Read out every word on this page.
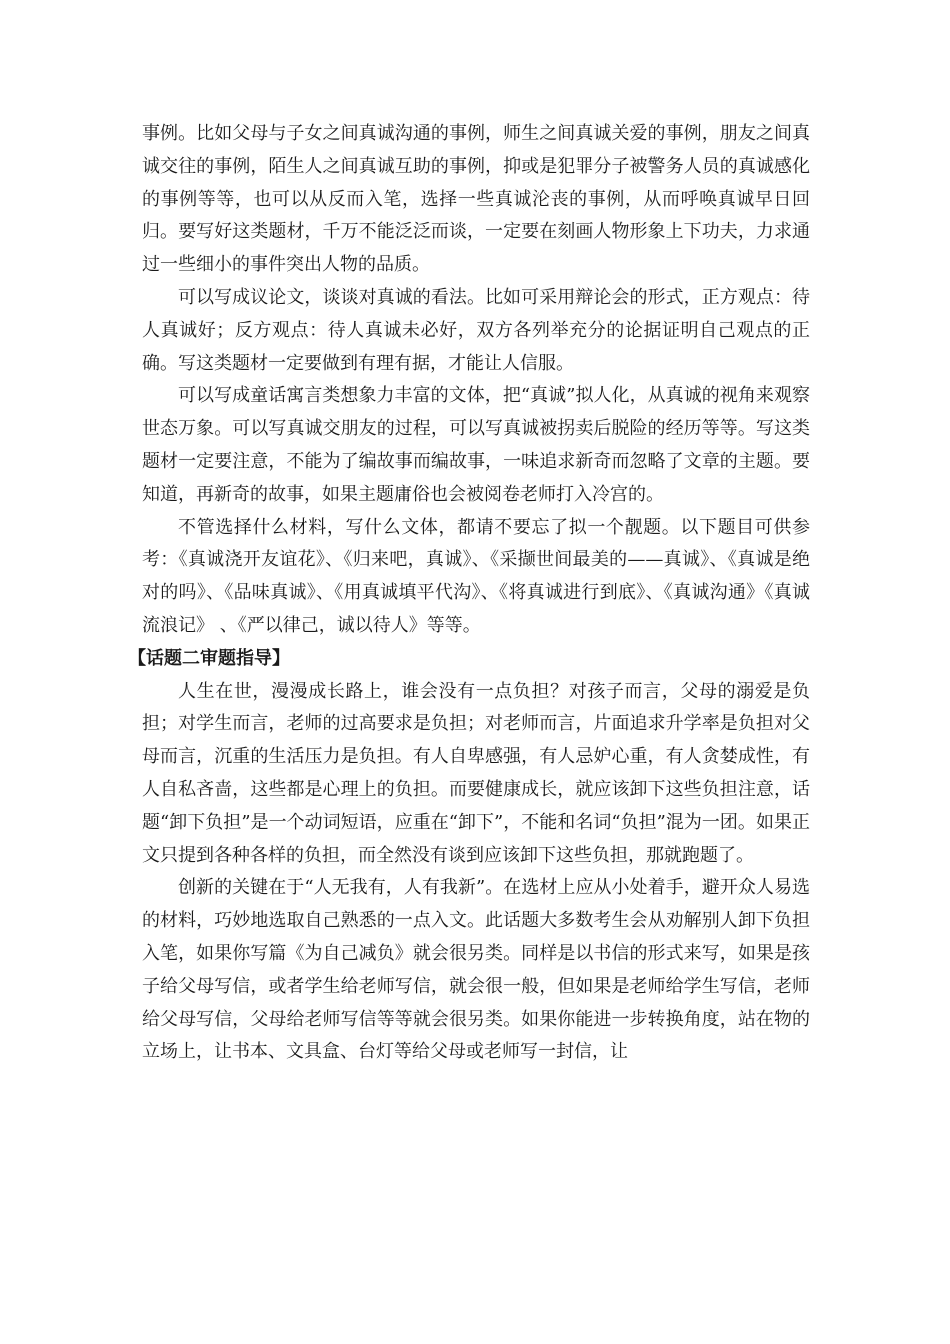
事例。比如父母与子女之间真诚沟通的事例，师生之间真诚关爱的事例，朋友之间真诚交往的事例，陌生人之间真诚互助的事例，抑或是犯罪分子被警务人员的真诚感化的事例等等，也可以从反而入笔，选择一些真诚沦丧的事例，从而呼唤真诚早日回归。要写好这类题材，千万不能泛泛而谈，一定要在刻画人物形象上下功夫，力求通过一些细小的事件突出人物的品质。

可以写成议论文，谈谈对真诚的看法。比如可采用辩论会的形式，正方观点：待人真诚好；反方观点：待人真诚未必好，双方各列举充分的论据证明自己观点的正确。写这类题材一定要做到有理有据，才能让人信服。

可以写成童话寓言类想象力丰富的文体，把“真诚”拟人化，从真诚的视角来观察世态万象。可以写真诚交朋友的过程，可以写真诚被拐卖后脱险的经历等等。写这类题材一定要注意，不能为了编故事而编故事，一味追求新奇而忽略了文章的主题。要知道，再新奇的故事，如果主题庸俗也会被阅卷老师打入冷宫的。

不管选择什么材料，写什么文体，都请不要忘了拟一个靓题。以下题目可供参考：《真诚浇开友谊花》、《归来吧，真诚》、《采撷世间最美的——真诚》、《真诚是绝对的吗》、《品味真诚》、《用真诚填平代沟》、《将真诚进行到底》、《真诚沟通》《真诚流浪记》 、《严以律己，诚以待人》等等。

【话题二审题指导】

人生在世，漫漫成长路上，谁会没有一点负担？对孩子而言，父母的溺爱是负担；对学生而言，老师的过高要求是负担；对老师而言，片面追求升学率是负担对父母而言，沉重的生活压力是负担。有人自卑感强，有人忌妒心重，有人贪婪成性，有人自私吝啬，这些都是心理上的负担。而要健康成长，就应该卸下这些负担注意，话题“卸下负担”是一个动词短语，应重在“卸下”，不能和名词“负担”混为一团。如果正文只提到各种各样的负担，而全然没有谈到应该卸下这些负担，那就跑题了。

创新的关键在于“人无我有，人有我新”。在选材上应从小处着手，避开众人易选的材料，巧妙地选取自己熟悉的一点入文。此话题大多数考生会从劝解别人卸下负担入笔，如果你写篇《为自己减负》就会很另类。同样是以书信的形式来写，如果是孩子给父母写信，或者学生给老师写信，就会很一般，但如果是老师给学生写信，老师给父母写信，父母给老师写信等等就会很另类。如果你能进一步转换角度，站在物的立场上，让书本、文具盒、台灯等给父母或老师写一封信，让
